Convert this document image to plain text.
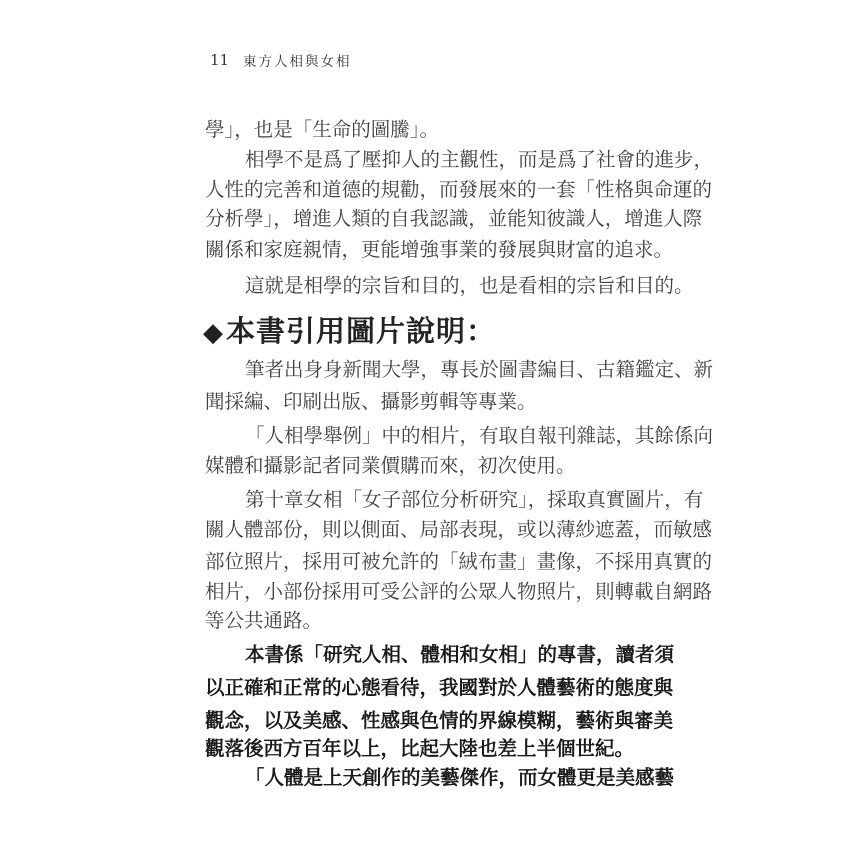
11	東方人相與女相
學」，也是「生命的圖騰」。
相學不是爲了壓抑人的主觀性，而是爲了社會的進步，
人性的完善和道德的規勸，而發展來的一套「性格與命運的
分析學」，增進人類的自我認識，並能知彼識人，增進人際
關係和家庭親情，更能增強事業的發展與財富的追求。
這就是相學的宗旨和目的，也是看相的宗旨和目的。
◆本書引用圖片說明：
筆者出身身新聞大學，專長於圖書編目、古籍鑑定、新
聞採編、印刷出版、攝影剪輯等專業。
「人相學舉例」中的相片，有取自報刊雜誌，其餘係向
媒體和攝影記者同業價購而來，初次使用。
第十章女相「女子部位分析研究」，採取真實圖片，有
關人體部份，則以側面、局部表現，或以薄紗遮蓋，而敏感
部位照片，採用可被允許的「絨布畫」畫像，不採用真實的
相片，小部份採用可受公評的公眾人物照片，則轉載自網路
等公共通路。
本書係「研究人相、體相和女相」的專書，讀者須
以正確和正常的心態看待，我國對於人體藝術的態度與
觀念，以及美感、性感與色情的界線模糊，藝術與審美
觀落後西方百年以上，比起大陸也差上半個世紀。
「人體是上天創作的美藝傑作，而女體更是美感藝
